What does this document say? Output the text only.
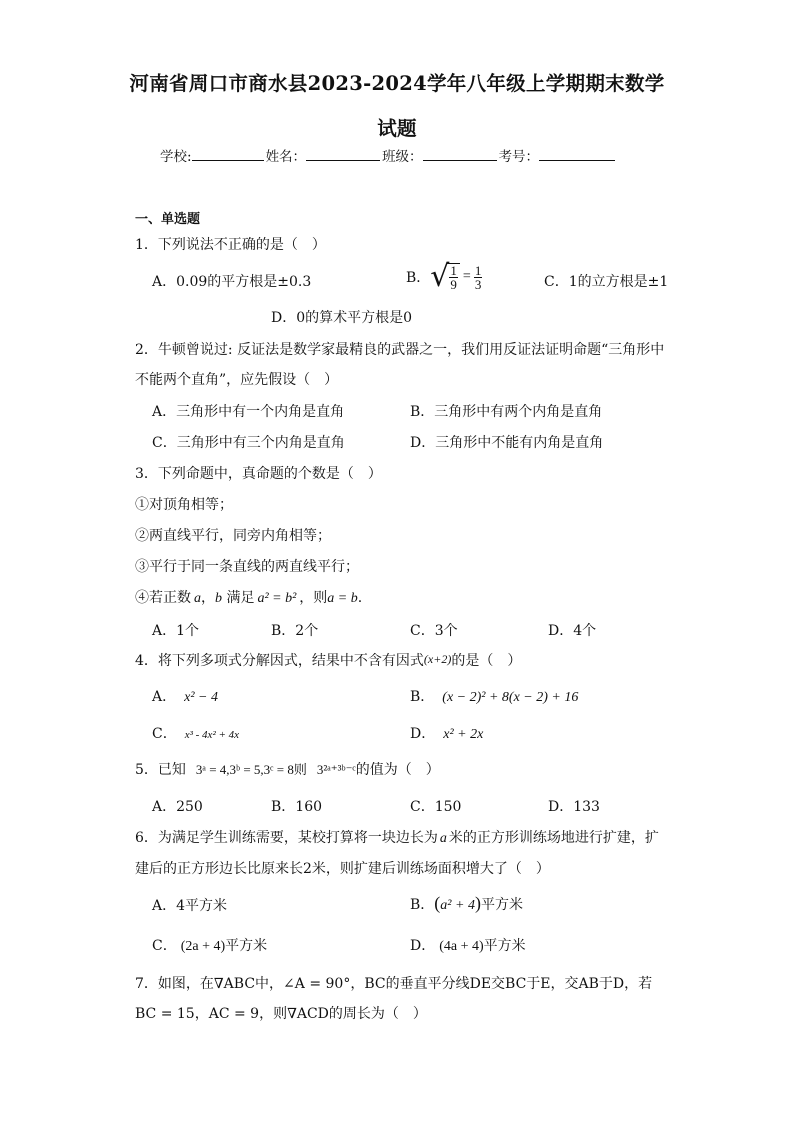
河南省周口市商水县2023-2024学年八年级上学期期末数学
试题
学校:	姓名：	班级：	考号：
一、单选题
1．下列说法不正确的是（　）
A．0.09的平方根是±0.3	B． √
$\frac{1}{9} = \frac{1}{3}$	C．1的立方根是±1
D．0的算术平方根是0
2．牛顿曾说过: 反证法是数学家最精良的武器之一，我们用反证法证明命题“三角形中
不能两个直角”，应先假设（　）
A．三角形中有一个内角是直角	B．三角形中有两个内角是直角
C．三角形中有三个内角是直角	D．三角形中不能有内角是直角
3．下列命题中，真命题的个数是（　）
①对顶角相等；
②两直线平行，同旁内角相等；
③平行于同一条直线的两直线平行；
④若正数 a，b 满足 a² = b² ，则a = b.
A．1个	B．2个	C．3个	D．4个
4．将下列多项式分解因式，结果中不含有因式(x+2)的是（　）
A． x² − 4	B． (x − 2)² + 8(x − 2) + 16
C． x³ - 4x² + 4x	D． x² + 2x
5．已知 3ᵃ = 4,3ᵇ = 5,3ᶜ = 8则 3²ᵃ⁺³ᵇ⁻ᶜ的值为（　）
A．250	B．160	C．150	D．133
6．为满足学生训练需要，某校打算将一块边长为 a 米的正方形训练场地进行扩建，扩
建后的正方形边长比原来长2米，则扩建后训练场面积增大了（　）
A．4平方米	B．(a² + 4)平方米
C． (2a + 4)平方米	D． (4a + 4)平方米
7．如图，在∇ABC中，∠A = 90°，BC的垂直平分线DE交BC于E，交AB于D，若
BC = 15，AC = 9，则∇ACD的周长为（　）
